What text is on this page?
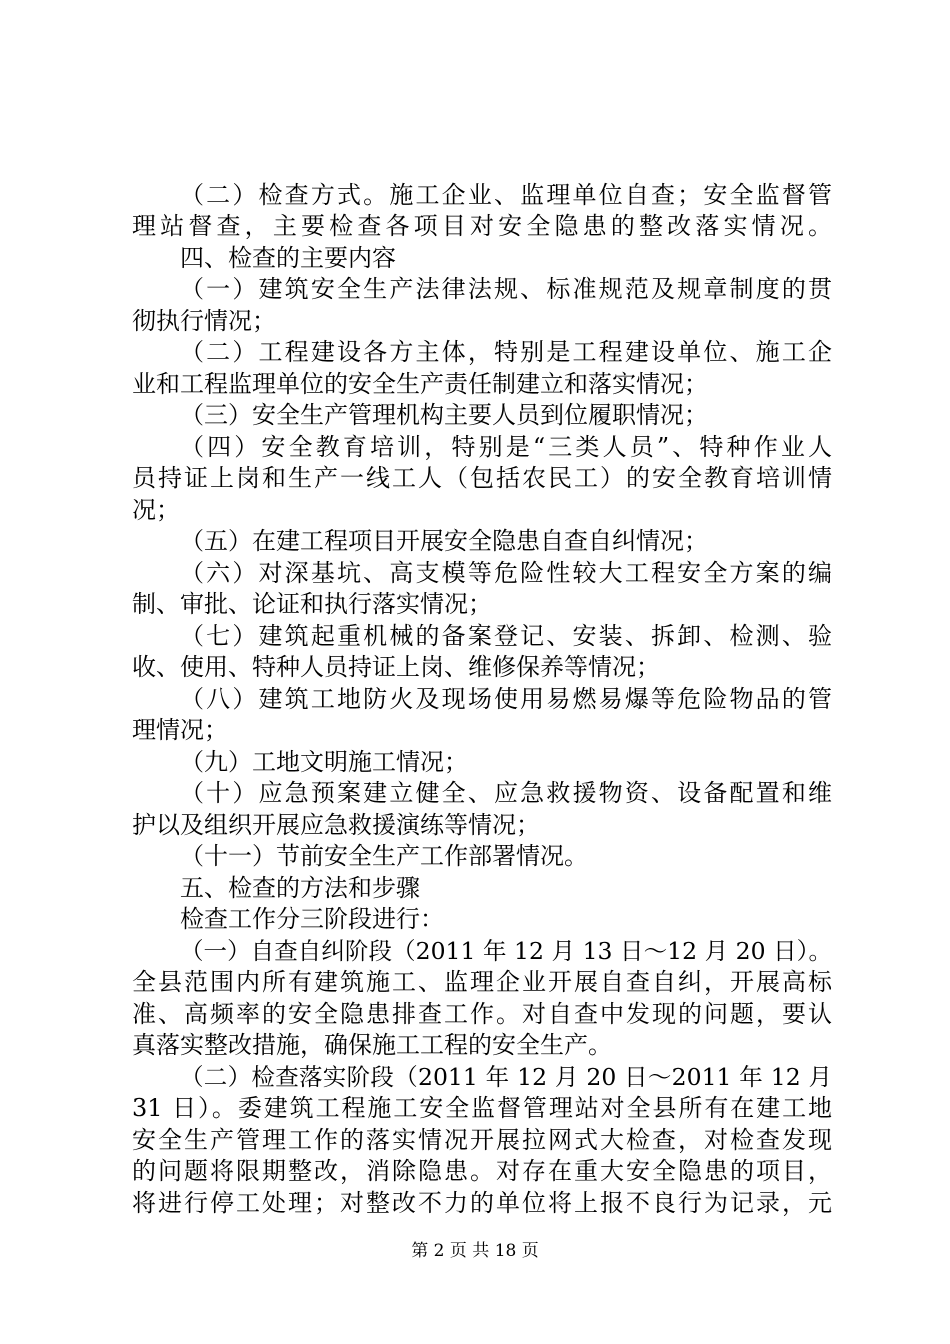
（二）检查方式。施工企业、监理单位自查；安全监督管
理站督查，主要检查各项目对安全隐患的整改落实情况。
四、检查的主要内容
（一）建筑安全生产法律法规、标准规范及规章制度的贯
彻执行情况；
（二）工程建设各方主体，特别是工程建设单位、施工企
业和工程监理单位的安全生产责任制建立和落实情况；
（三）安全生产管理机构主要人员到位履职情况；
（四）安全教育培训，特别是“三类人员”、特种作业人
员持证上岗和生产一线工人（包括农民工）的安全教育培训情
况；
（五）在建工程项目开展安全隐患自查自纠情况；
（六）对深基坑、高支模等危险性较大工程安全方案的编
制、审批、论证和执行落实情况；
（七）建筑起重机械的备案登记、安装、拆卸、检测、验
收、使用、特种人员持证上岗、维修保养等情况；
（八）建筑工地防火及现场使用易燃易爆等危险物品的管
理情况；
（九）工地文明施工情况；
（十）应急预案建立健全、应急救援物资、设备配置和维
护以及组织开展应急救援演练等情况；
（十一）节前安全生产工作部署情况。
五、检查的方法和步骤
检查工作分三阶段进行：
（一）自查自纠阶段（2011 年 12 月 13 日～12 月 20 日）。
全县范围内所有建筑施工、监理企业开展自查自纠，开展高标
准、高频率的安全隐患排查工作。对自查中发现的问题，要认
真落实整改措施，确保施工工程的安全生产。
（二）检查落实阶段（2011 年 12 月 20 日～2011 年 12 月
31 日）。委建筑工程施工安全监督管理站对全县所有在建工地
安全生产管理工作的落实情况开展拉网式大检查，对检查发现
的问题将限期整改，消除隐患。对存在重大安全隐患的项目，
将进行停工处理；对整改不力的单位将上报不良行为记录，元
第 2 页 共 18 页
